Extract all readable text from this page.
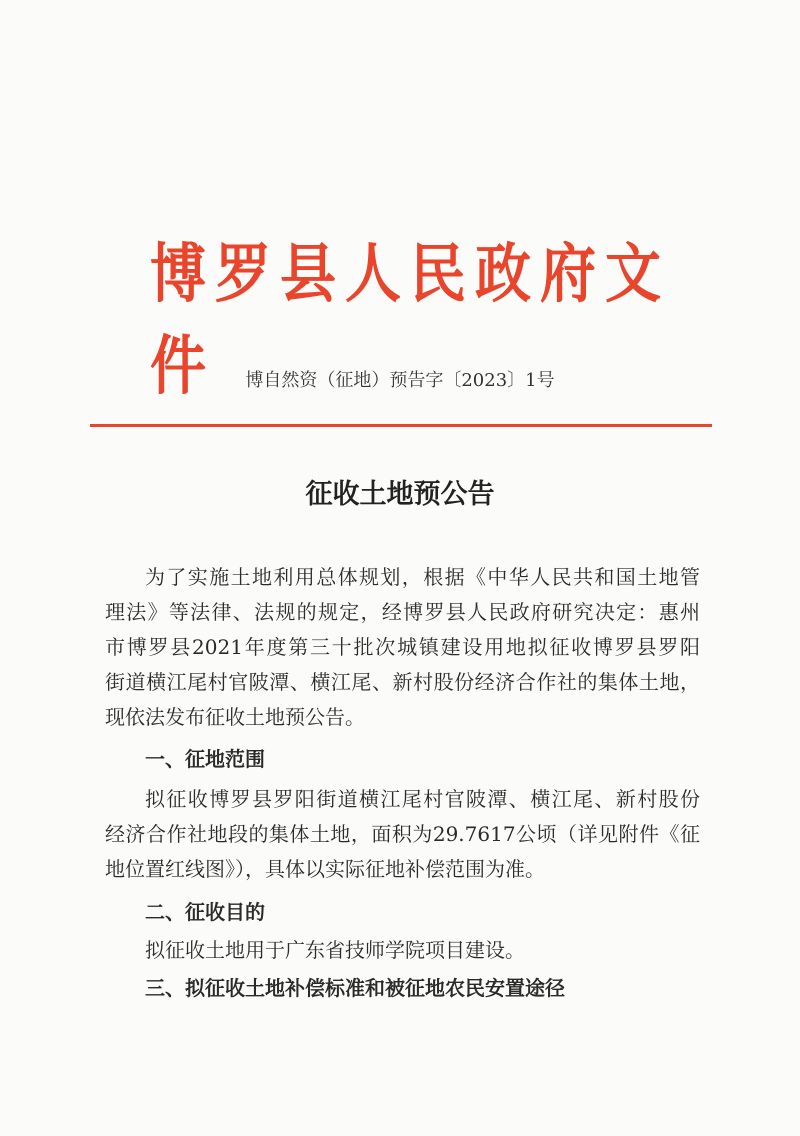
博罗县人民政府文件	博自然资（征地）预告字〔2023〕1号
征收土地预公告
为了实施土地利用总体规划，根据《中华人民共和国土地管
理法》等法律、法规的规定，经博罗县人民政府研究决定：惠州
市博罗县2021年度第三十批次城镇建设用地拟征收博罗县罗阳
街道横江尾村官陂潭、横江尾、新村股份经济合作社的集体土地，
现依法发布征收土地预公告。
一、征地范围
拟征收博罗县罗阳街道横江尾村官陂潭、横江尾、新村股份
经济合作社地段的集体土地，面积为29.7617公顷（详见附件《征
地位置红线图》），具体以实际征地补偿范围为准。
二、征收目的
拟征收土地用于广东省技师学院项目建设。
三、拟征收土地补偿标准和被征地农民安置途径
